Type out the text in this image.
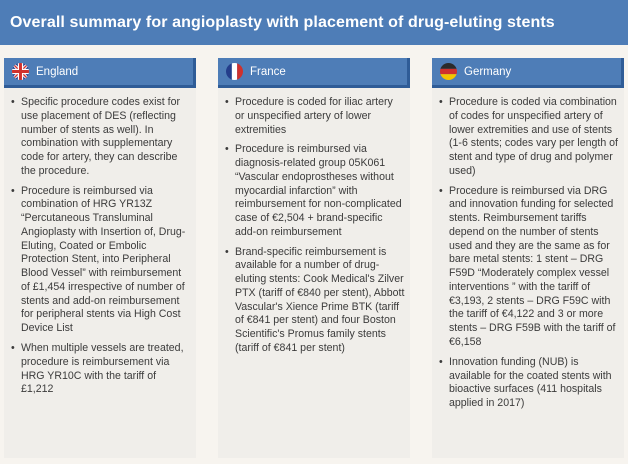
Overall summary for angioplasty with placement of drug-eluting stents
England
• Specific procedure codes exist for use placement of DES (reflecting number of stents as well). In combination with supplementary code for artery, they can describe the procedure.
• Procedure is reimbursed via combination of HRG YR13Z “Percutaneous Transluminal Angioplasty with Insertion of, Drug-Eluting, Coated or Embolic Protection Stent, into Peripheral Blood Vessel” with reimbursement of £1,454 irrespective of number of stents and add-on reimbursement for peripheral stents via High Cost Device List
• When multiple vessels are treated, procedure is reimbursement via HRG YR10C with the tariff of £1,212
France
• Procedure is coded for iliac artery or unspecified artery of lower extremities
• Procedure is reimbursed via diagnosis-related group 05K061 “Vascular endoprostheses without myocardial infarction” with reimbursement for non-complicated case of €2,504 + brand-specific add-on reimbursement
• Brand-specific reimbursement is available for a number of drug-eluting stents: Cook Medical's Zilver PTX (tariff of €840 per stent), Abbott Vascular's Xience Prime BTK (tariff of €841 per stent) and four Boston Scientific's Promus family stents (tariff of €841 per stent)
Germany
• Procedure is coded via combination of codes for unspecified artery of lower extremities and use of stents (1-6 stents; codes vary per length of stent and type of drug and polymer used)
• Procedure is reimbursed via DRG and innovation funding for selected stents. Reimbursement tariffs depend on the number of stents used and they are the same as for bare metal stents: 1 stent – DRG F59D “Moderately complex vessel interventions ” with the tariff of €3,193, 2 stents – DRG F59C with the tariff of €4,122 and 3 or more stents – DRG F59B with the tariff of €6,158
• Innovation funding (NUB) is available for the coated stents with bioactive surfaces (411 hospitals applied in 2017)
